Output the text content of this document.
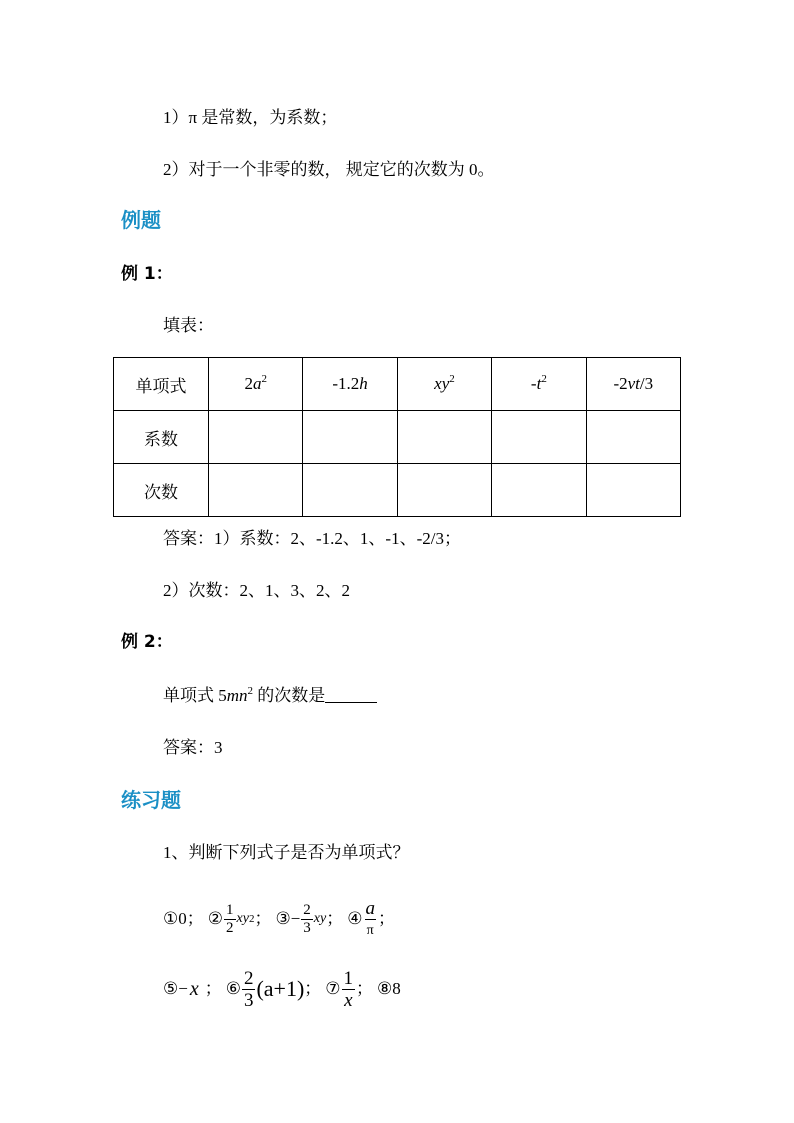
1）π 是常数，为系数；
2）对于一个非零的数， 规定它的次数为 0。
例题
例 1：
填表：
单项式	$2a^2$	-1.2h	$xy^2$	$-t^2$	-2vt/3
系数					
次数					
答案：1）系数：2、-1.2、1、-1、-2/3；
2）次数：2、1、3、2、2
例 2：
单项式 $5mn^2$ 的次数是
答案：3
练习题
1、判断下列式子是否为单项式？
①0； ② $\frac{1}{2}$ xy 2 ； ③− $\frac{2}{3}$ xy ； ④ $\frac{a}{\pi}$ ；
⑤− x ； ⑥ $\frac{2}{3} (a+1)$ ； ⑦ $\frac{1}{x}$ ； ⑧8
